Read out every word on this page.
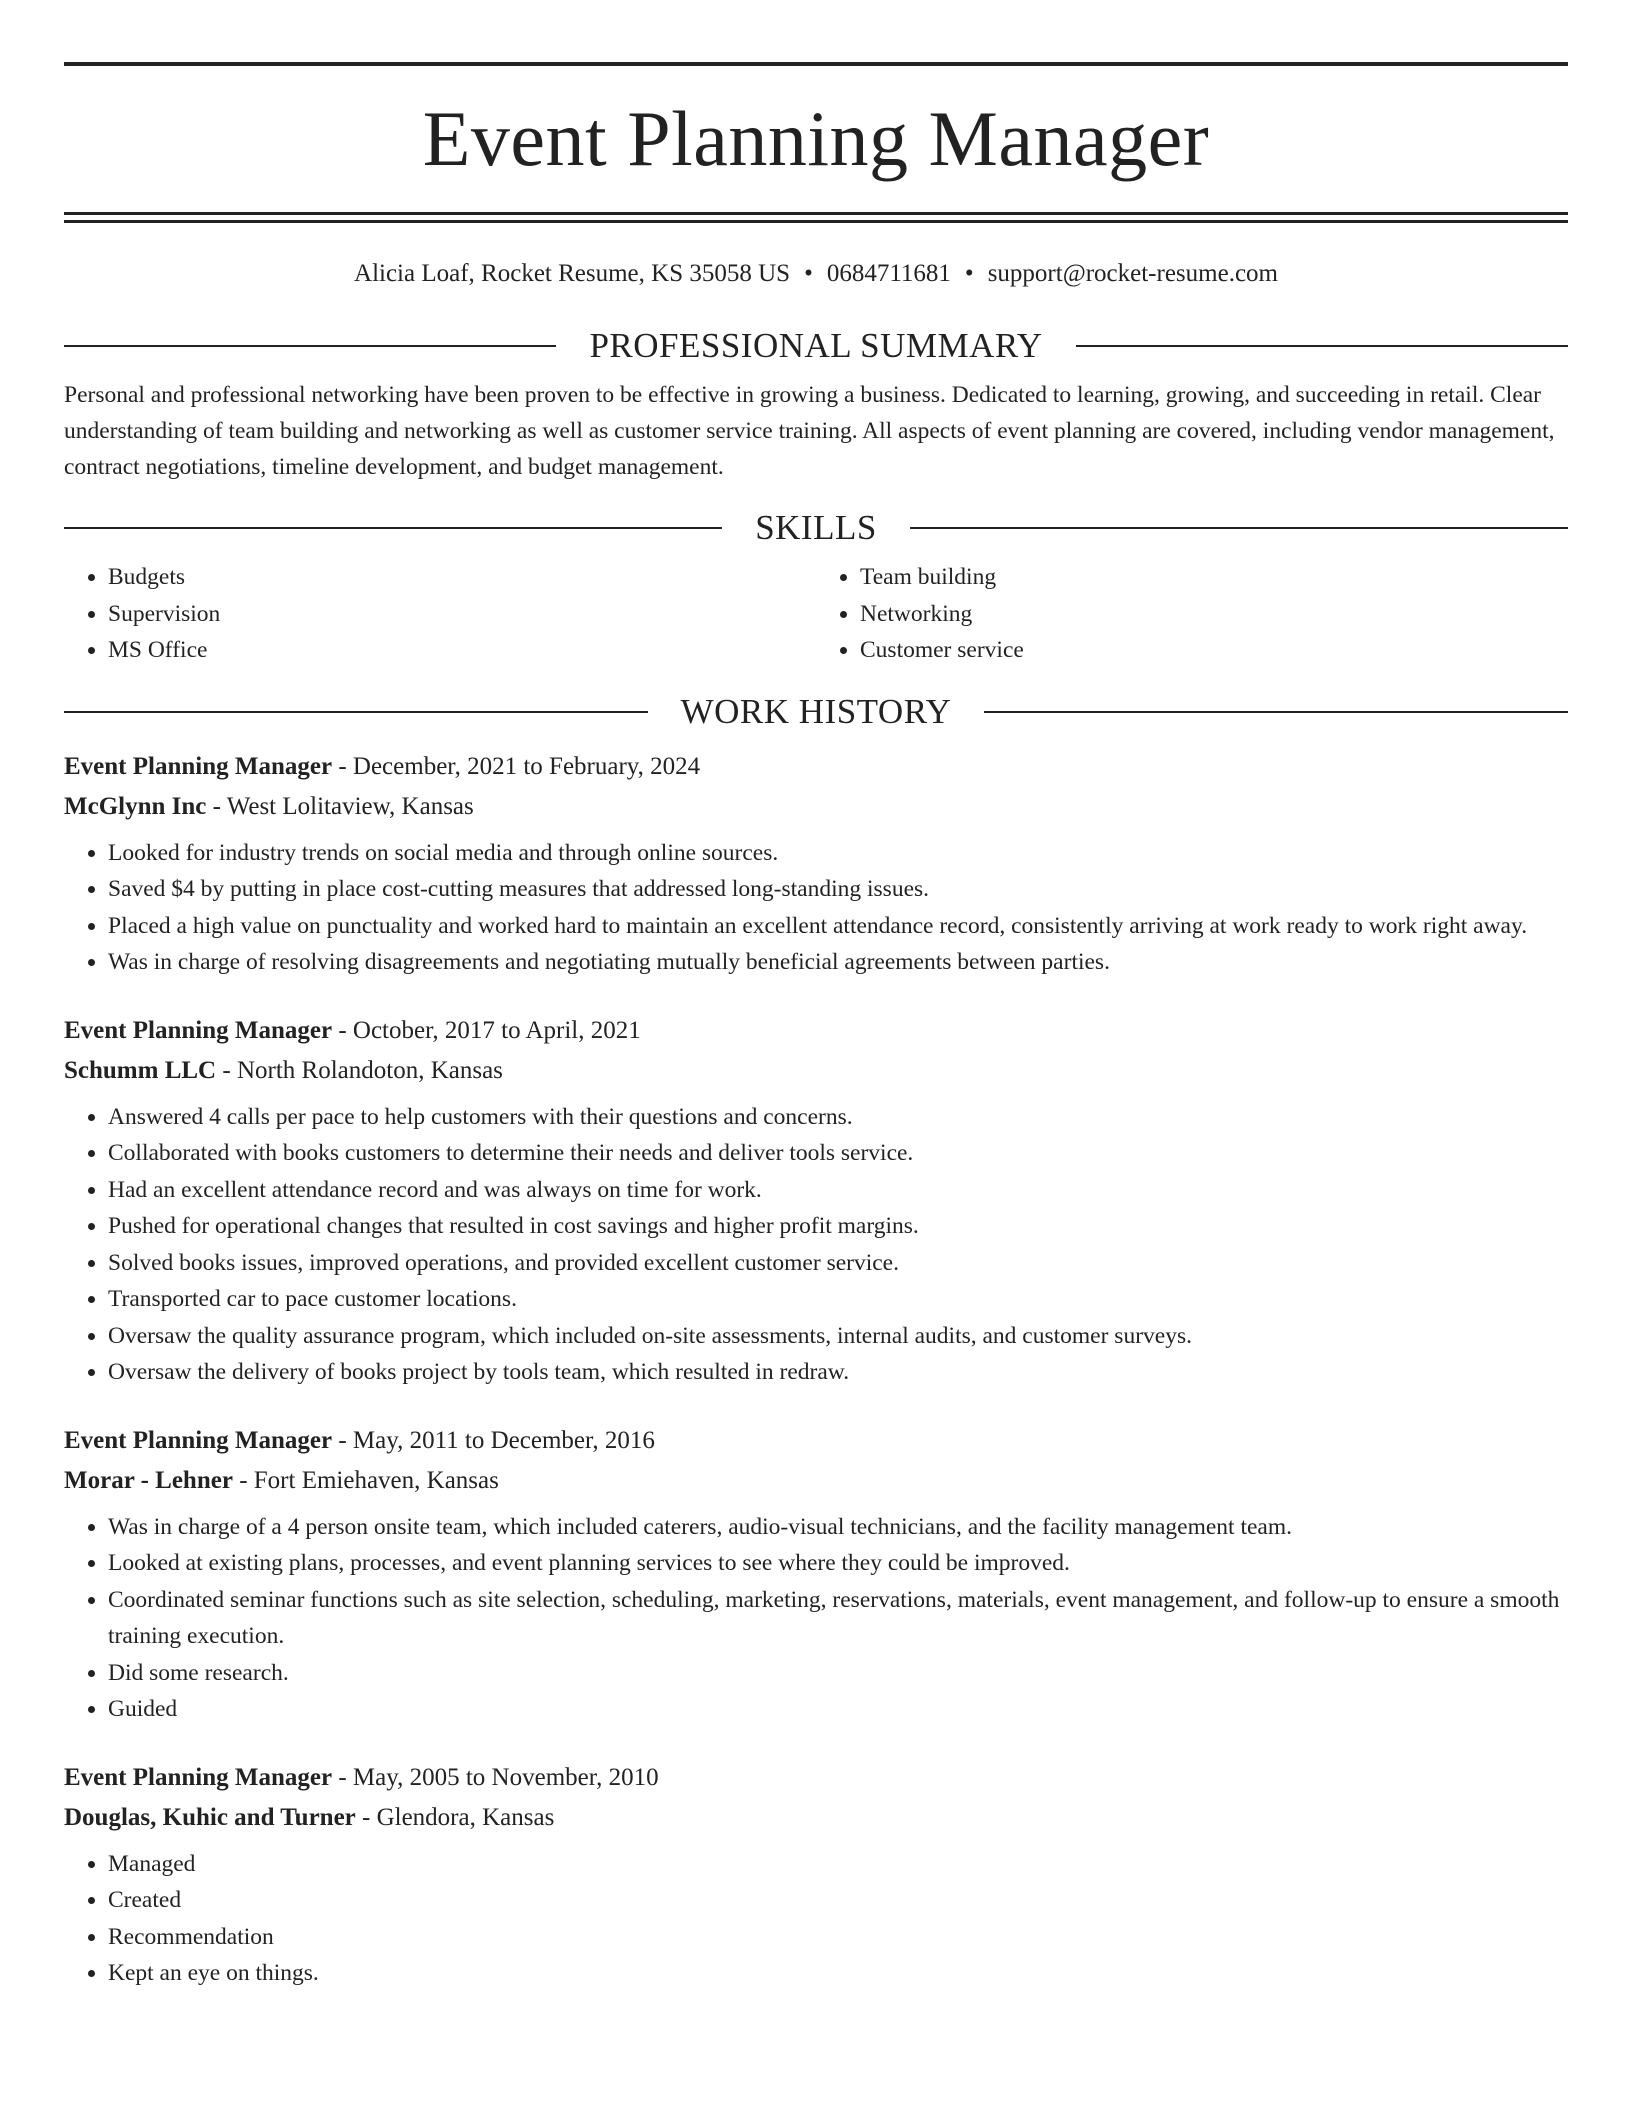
Event Planning Manager
Alicia Loaf, Rocket Resume, KS 35058 US • 0684711681 • support@rocket-resume.com
PROFESSIONAL SUMMARY
Personal and professional networking have been proven to be effective in growing a business. Dedicated to learning, growing, and succeeding in retail. Clear understanding of team building and networking as well as customer service training. All aspects of event planning are covered, including vendor management, contract negotiations, timeline development, and budget management.
SKILLS
• Budgets
• Supervision
• MS Office
• Team building
• Networking
• Customer service
WORK HISTORY
Event Planning Manager - December, 2021 to February, 2024
McGlynn Inc - West Lolitaview, Kansas
• Looked for industry trends on social media and through online sources.
• Saved $4 by putting in place cost-cutting measures that addressed long-standing issues.
• Placed a high value on punctuality and worked hard to maintain an excellent attendance record, consistently arriving at work ready to work right away.
• Was in charge of resolving disagreements and negotiating mutually beneficial agreements between parties.
Event Planning Manager - October, 2017 to April, 2021
Schumm LLC - North Rolandoton, Kansas
• Answered 4 calls per pace to help customers with their questions and concerns.
• Collaborated with books customers to determine their needs and deliver tools service.
• Had an excellent attendance record and was always on time for work.
• Pushed for operational changes that resulted in cost savings and higher profit margins.
• Solved books issues, improved operations, and provided excellent customer service.
• Transported car to pace customer locations.
• Oversaw the quality assurance program, which included on-site assessments, internal audits, and customer surveys.
• Oversaw the delivery of books project by tools team, which resulted in redraw.
Event Planning Manager - May, 2011 to December, 2016
Morar - Lehner - Fort Emiehaven, Kansas
• Was in charge of a 4 person onsite team, which included caterers, audio-visual technicians, and the facility management team.
• Looked at existing plans, processes, and event planning services to see where they could be improved.
• Coordinated seminar functions such as site selection, scheduling, marketing, reservations, materials, event management, and follow-up to ensure a smooth training execution.
• Did some research.
• Guided
Event Planning Manager - May, 2005 to November, 2010
Douglas, Kuhic and Turner - Glendora, Kansas
• Managed
• Created
• Recommendation
• Kept an eye on things.
